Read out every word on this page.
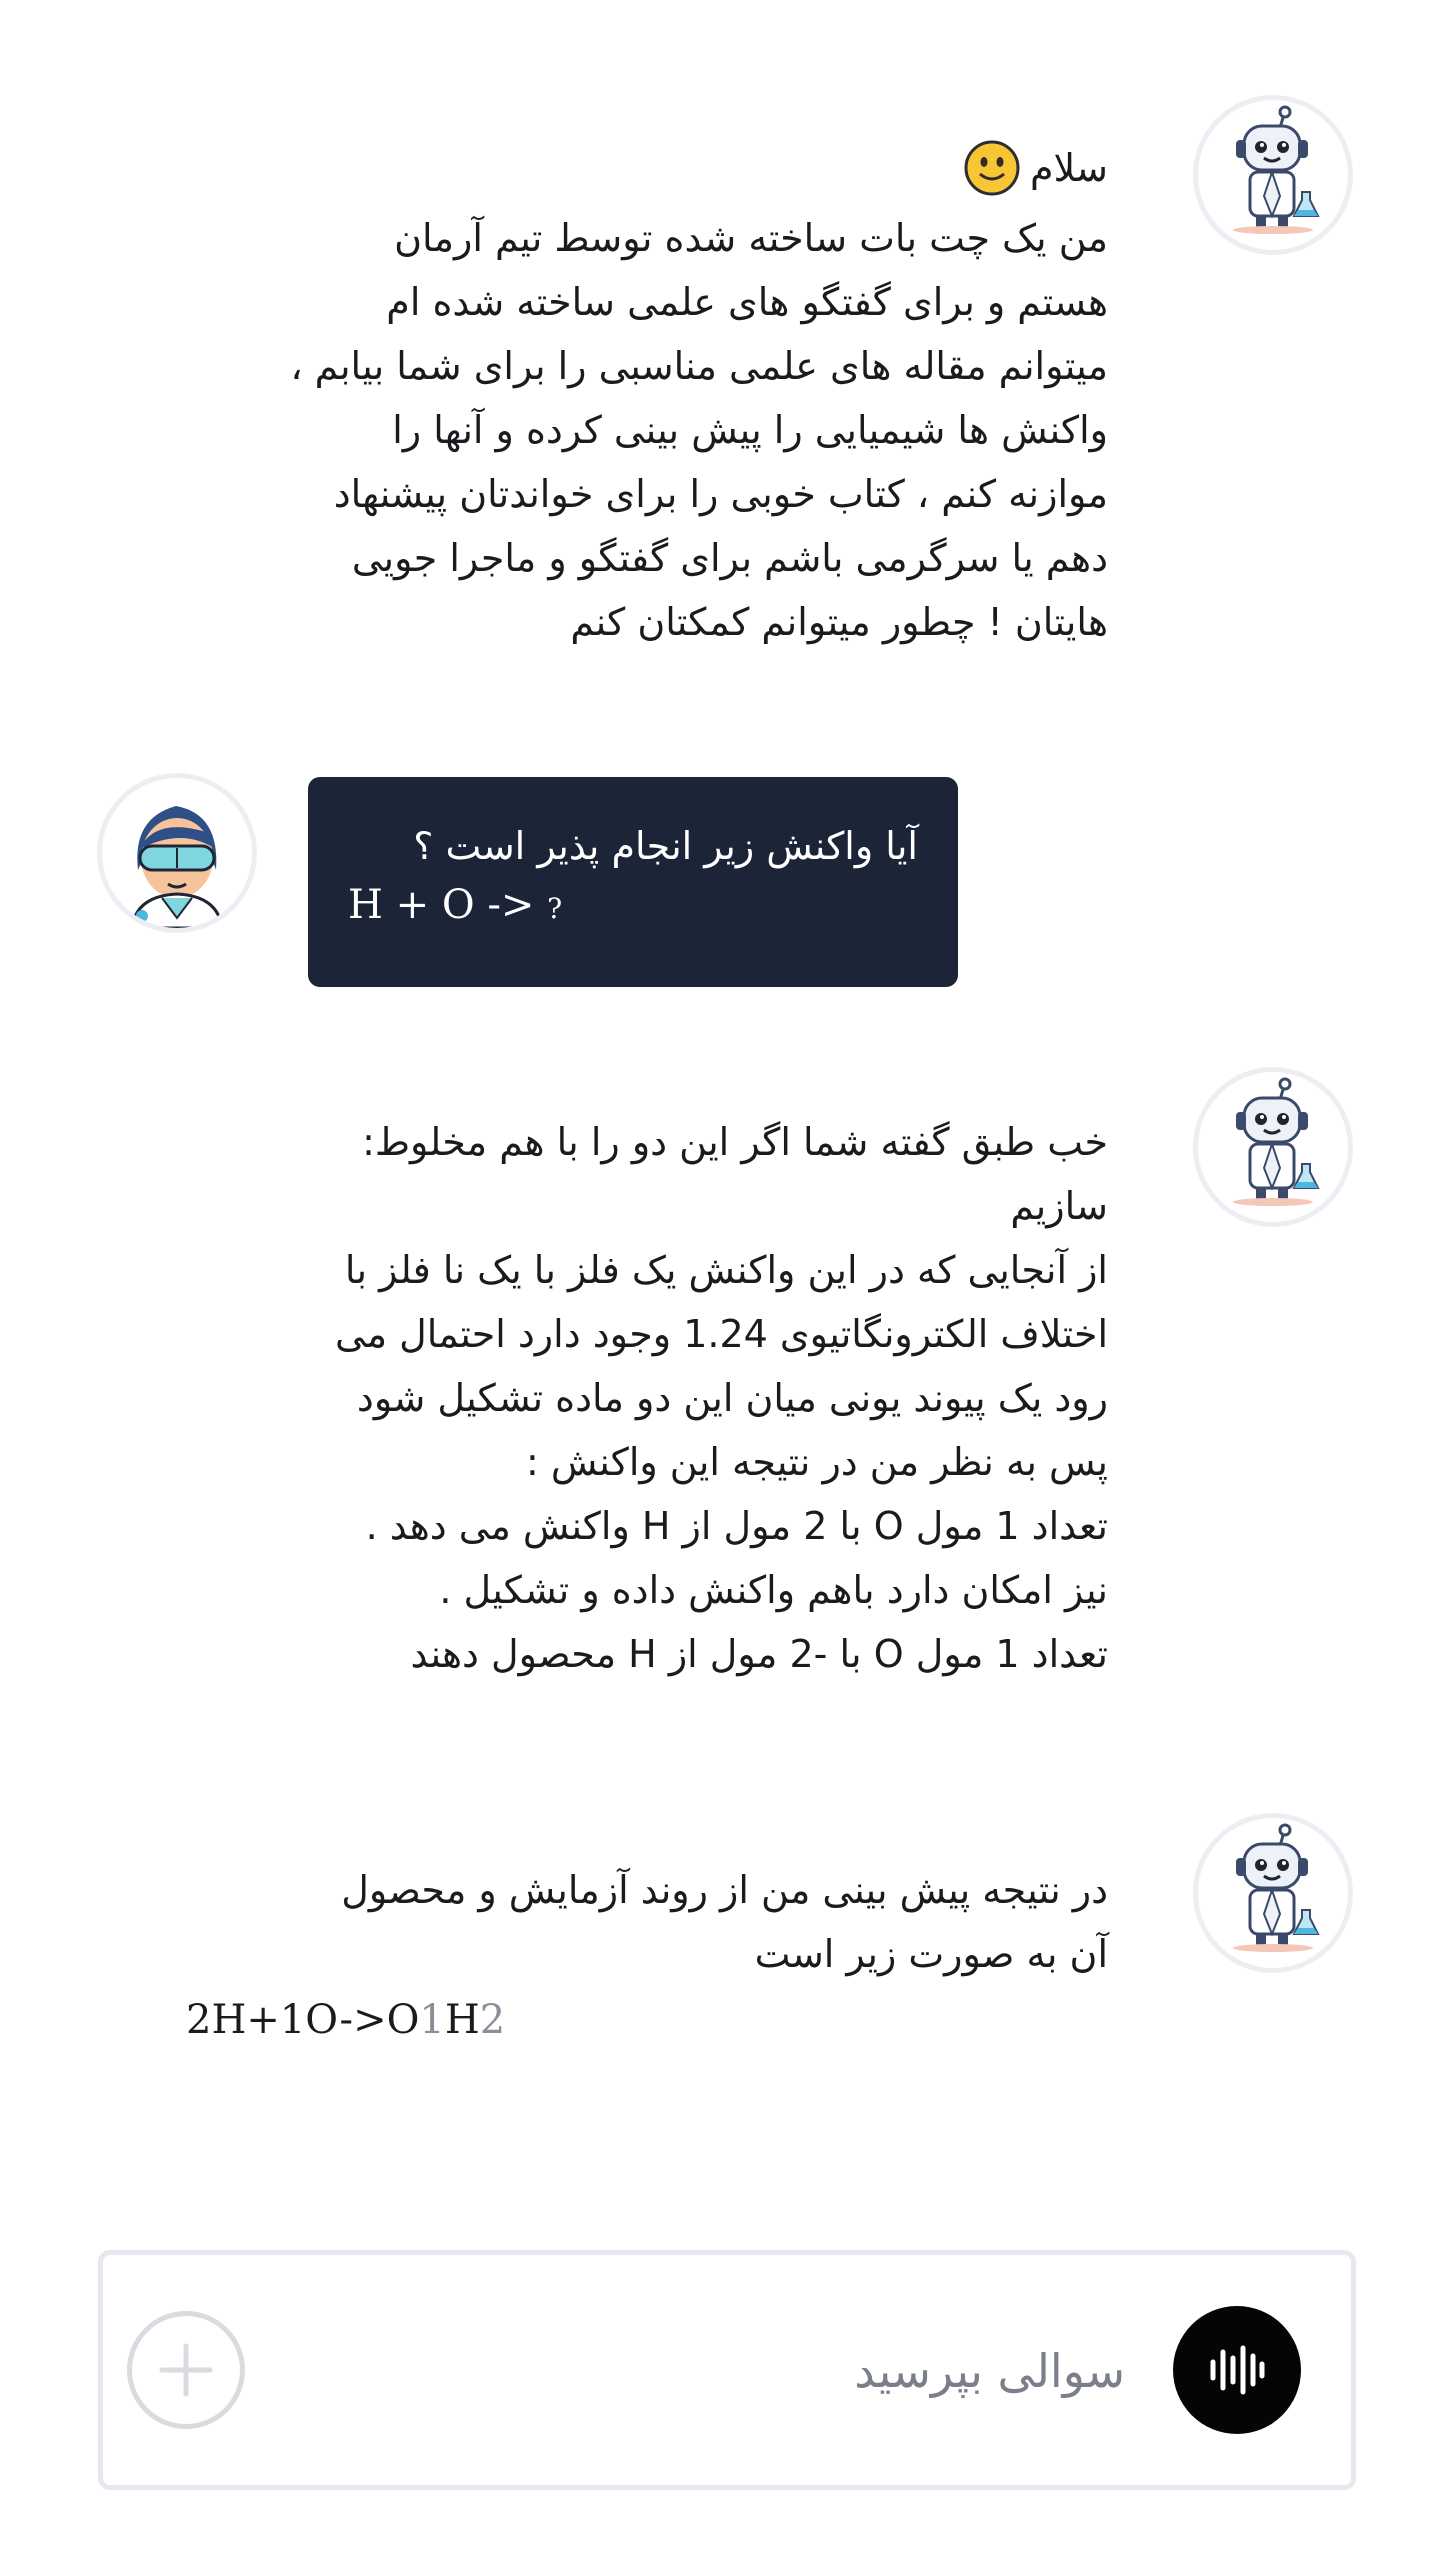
سلام
من یک چت بات ساخته شده توسط تیم آرمان
هستم و برای گفتگو های علمی ساخته شده ام
میتوانم مقاله های علمی مناسبی را برای شما بیابم ،
واکنش ها شیمیایی را پیش بینی کرده و آنها را
موازنه کنم ، کتاب خوبی را برای خواندتان پیشنهاد
دهم یا سرگرمی باشم برای گفتگو و ماجرا جویی
هایتان ! چطور میتوانم کمکتان کنم
آیا واکنش زیر انجام پذیر است ؟
H + O -> ?
خب طبق گفته شما اگر این دو را با هم مخلوط:
سازیم
از آنجایی که در این واکنش یک فلز با یک نا فلز با
اختلاف الکترونگاتیوی 1.24 وجود دارد احتمال می
رود یک پیوند یونی میان این دو ماده تشکیل شود
پس به نظر من در نتیجه این واکنش :
تعداد 1 مول O با 2 مول از H واکنش می دهد .
نیز امکان دارد باهم واکنش داده و تشکیل .
تعداد 1 مول O با -2 مول از H محصول دهند
در نتیجه پیش بینی من از روند آزمایش و محصول
آن به صورت زیر است
2H+1O->O1H2
سوالی بپرسید
